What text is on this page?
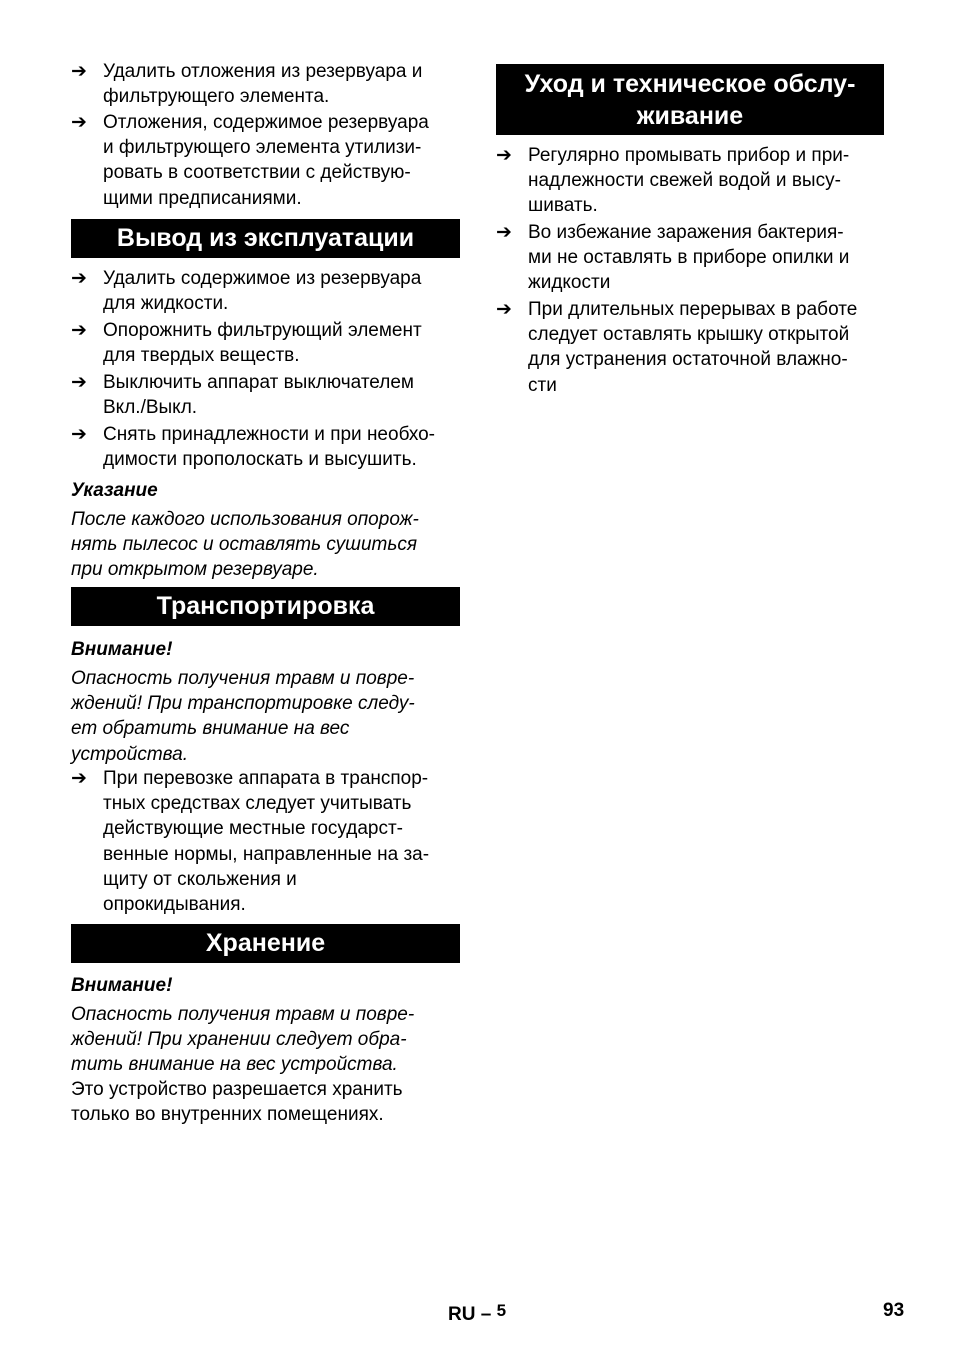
➔ Удалить отложения из резервуара и
фильтрующего элемента.
➔ Отложения, содержимое резервуара
и фильтрующего элемента утилизи-
ровать в соответствии с действую-
щими предписаниями.
Вывод из эксплуатации
➔ Удалить содержимое из резервуара
для жидкости.
➔ Опорожнить фильтрующий элемент
для твердых веществ.
➔ Выключить аппарат выключателем
Вкл./Выкл.
➔ Снять принадлежности и при необхо-
димости прополоскать и высушить.
Указание
После каждого использования опорож-
нять пылесос и оставлять сушиться
при открытом резервуаре.
Транспортировка
Внимание!
Опасность получения травм и повре-
ждений! При транспортировке следу-
ет обратить внимание на вес
устройства.
➔ При перевозке аппарата в транспор-
тных средствах следует учитывать
действующие местные государст-
венные нормы, направленные на за-
щиту от скольжения и
опрокидывания.
Хранение
Внимание!
Опасность получения травм и повре-
ждений! При хранении следует обра-
тить внимание на вес устройства.
Это устройство разрешается хранить
только во внутренних помещениях.
Уход и техническое обслу-
живание
➔ Регулярно промывать прибор и при-
надлежности свежей водой и высу-
шивать.
➔ Во избежание заражения бактерия-
ми не оставлять в приборе опилки и
жидкости
➔ При длительных перерывах в работе
следует оставлять крышку открытой
для устранения остаточной влажно-
сти
RU – $^5$	93
